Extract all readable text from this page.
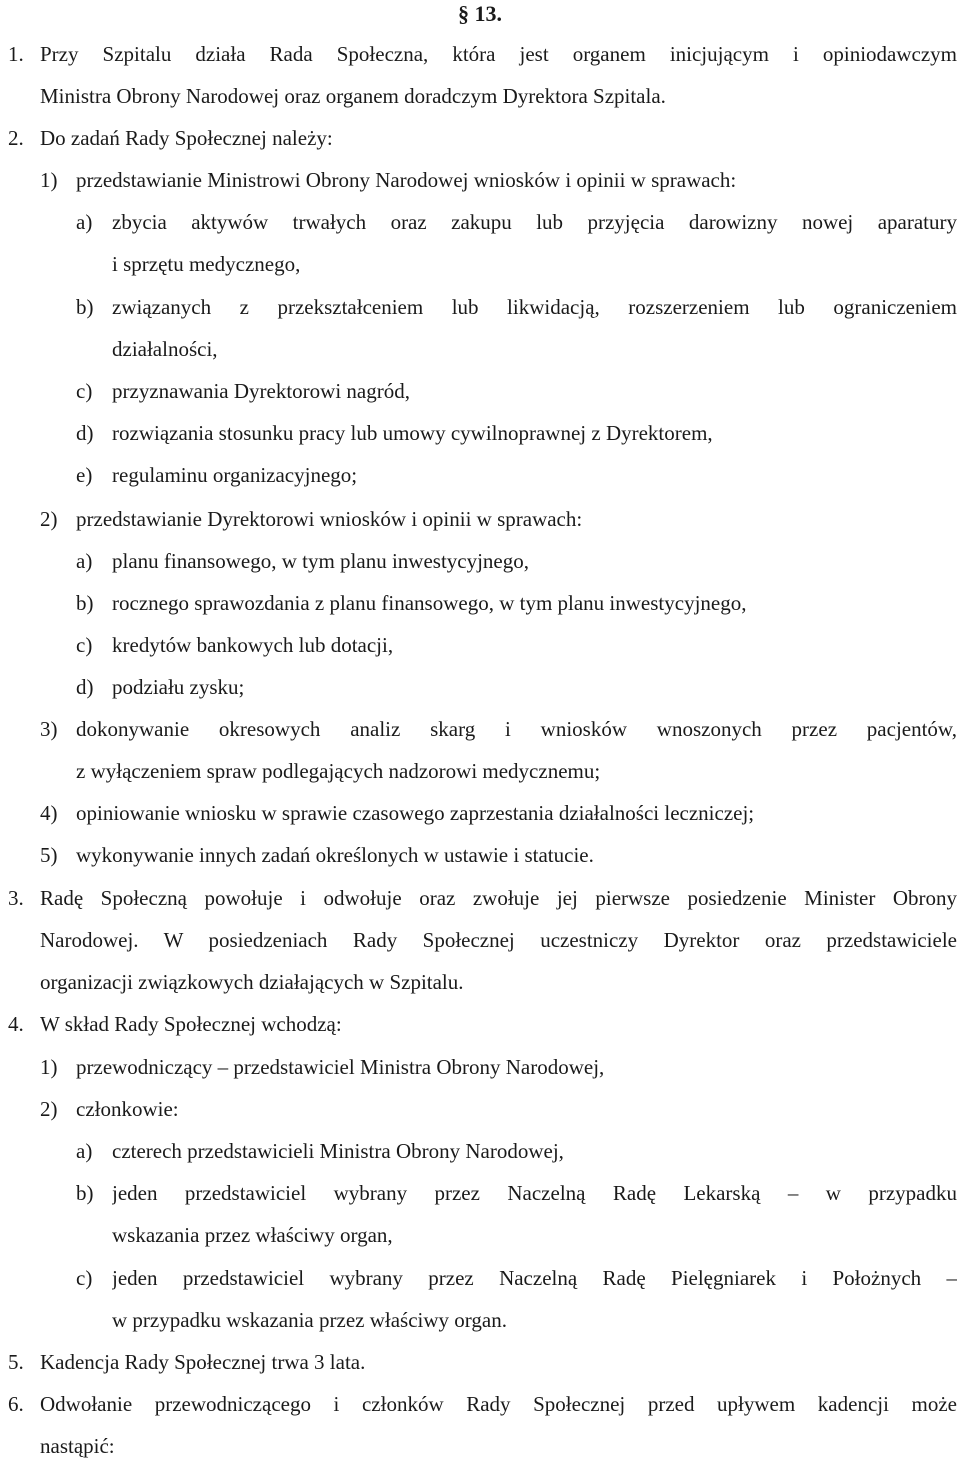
§ 13.
1. Przy Szpitalu działa Rada Społeczna, która jest organem inicjującym i opiniodawczym
Ministra Obrony Narodowej oraz organem doradczym Dyrektora Szpitala.
2. Do zadań Rady Społecznej należy:
1) przedstawianie Ministrowi Obrony Narodowej wniosków i opinii w sprawach:
a) zbycia aktywów trwałych oraz zakupu lub przyjęcia darowizny nowej aparatury
i sprzętu medycznego,
b) związanych z przekształceniem lub likwidacją, rozszerzeniem lub ograniczeniem
działalności,
c) przyznawania Dyrektorowi nagród,
d) rozwiązania stosunku pracy lub umowy cywilnoprawnej z Dyrektorem,
e) regulaminu organizacyjnego;
2) przedstawianie Dyrektorowi wniosków i opinii w sprawach:
a) planu finansowego, w tym planu inwestycyjnego,
b) rocznego sprawozdania z planu finansowego, w tym planu inwestycyjnego,
c) kredytów bankowych lub dotacji,
d) podziału zysku;
3) dokonywanie okresowych analiz skarg i wniosków wnoszonych przez pacjentów,
z wyłączeniem spraw podlegających nadzorowi medycznemu;
4) opiniowanie wniosku w sprawie czasowego zaprzestania działalności leczniczej;
5) wykonywanie innych zadań określonych w ustawie i statucie.
3. Radę Społeczną powołuje i odwołuje oraz zwołuje jej pierwsze posiedzenie Minister Obrony
Narodowej. W posiedzeniach Rady Społecznej uczestniczy Dyrektor oraz przedstawiciele
organizacji związkowych działających w Szpitalu.
4. W skład Rady Społecznej wchodzą:
1) przewodniczący – przedstawiciel Ministra Obrony Narodowej,
2) członkowie:
a) czterech przedstawicieli Ministra Obrony Narodowej,
b) jeden przedstawiciel wybrany przez Naczelną Radę Lekarską – w przypadku
wskazania przez właściwy organ,
c) jeden przedstawiciel wybrany przez Naczelną Radę Pielęgniarek i Położnych –
w przypadku wskazania przez właściwy organ.
5. Kadencja Rady Społecznej trwa 3 lata.
6. Odwołanie przewodniczącego i członków Rady Społecznej przed upływem kadencji może
nastąpić:
